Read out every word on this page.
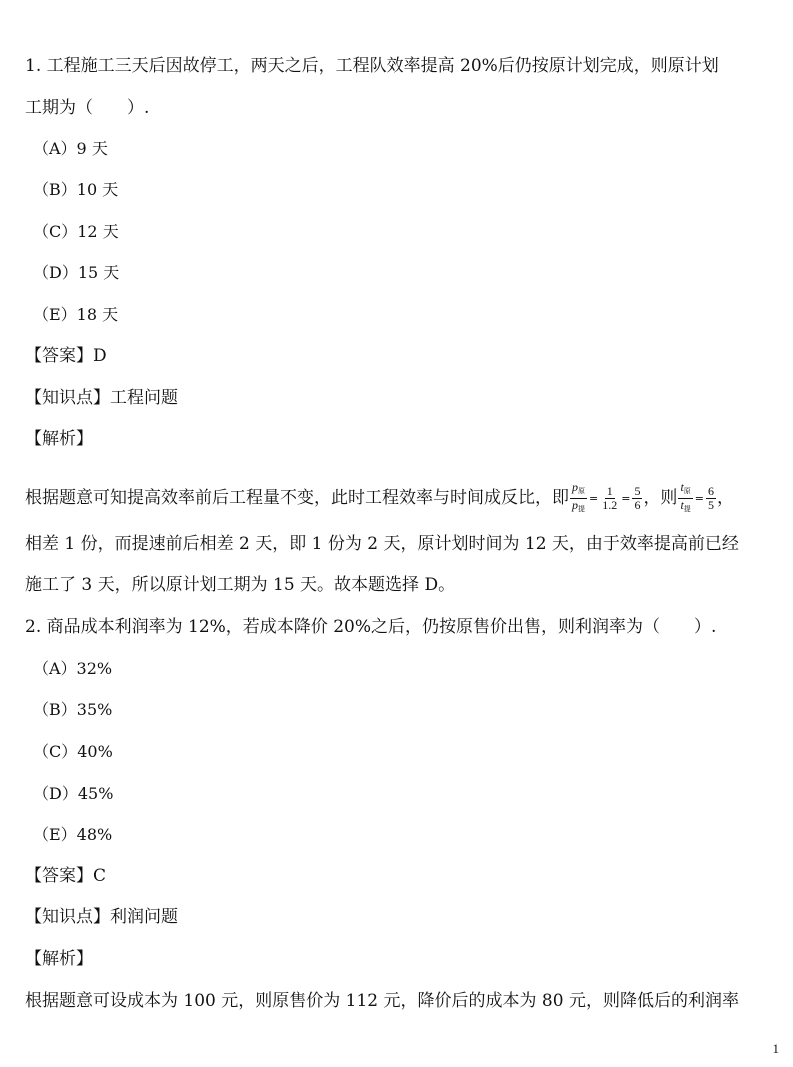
1. 工程施工三天后因故停工，两天之后，工程队效率提高 20%后仍按原计划完成，则原计划
工期为（　　）.
（A）9 天
（B）10 天
（C）12 天
（D）15 天
（E）18 天
【答案】D
【知识点】工程问题
【解析】
根据题意可知提高效率前后工程量不变，此时工程效率与时间成反比，即 $\frac{p_原}{p_提} = \frac{1}{1.2} = \frac{5}{6}$ ，则 $\frac{t_原}{t_提} = \frac{6}{5}$ ，
相差 1 份，而提速前后相差 2 天，即 1 份为 2 天，原计划时间为 12 天，由于效率提高前已经
施工了 3 天，所以原计划工期为 15 天。故本题选择 D。
2. 商品成本利润率为 12%，若成本降价 20%之后，仍按原售价出售，则利润率为（　　）.
（A）32%
（B）35%
（C）40%
（D）45%
（E）48%
【答案】C
【知识点】利润问题
【解析】
根据题意可设成本为 100 元，则原售价为 112 元，降价后的成本为 80 元，则降低后的利润率
1
